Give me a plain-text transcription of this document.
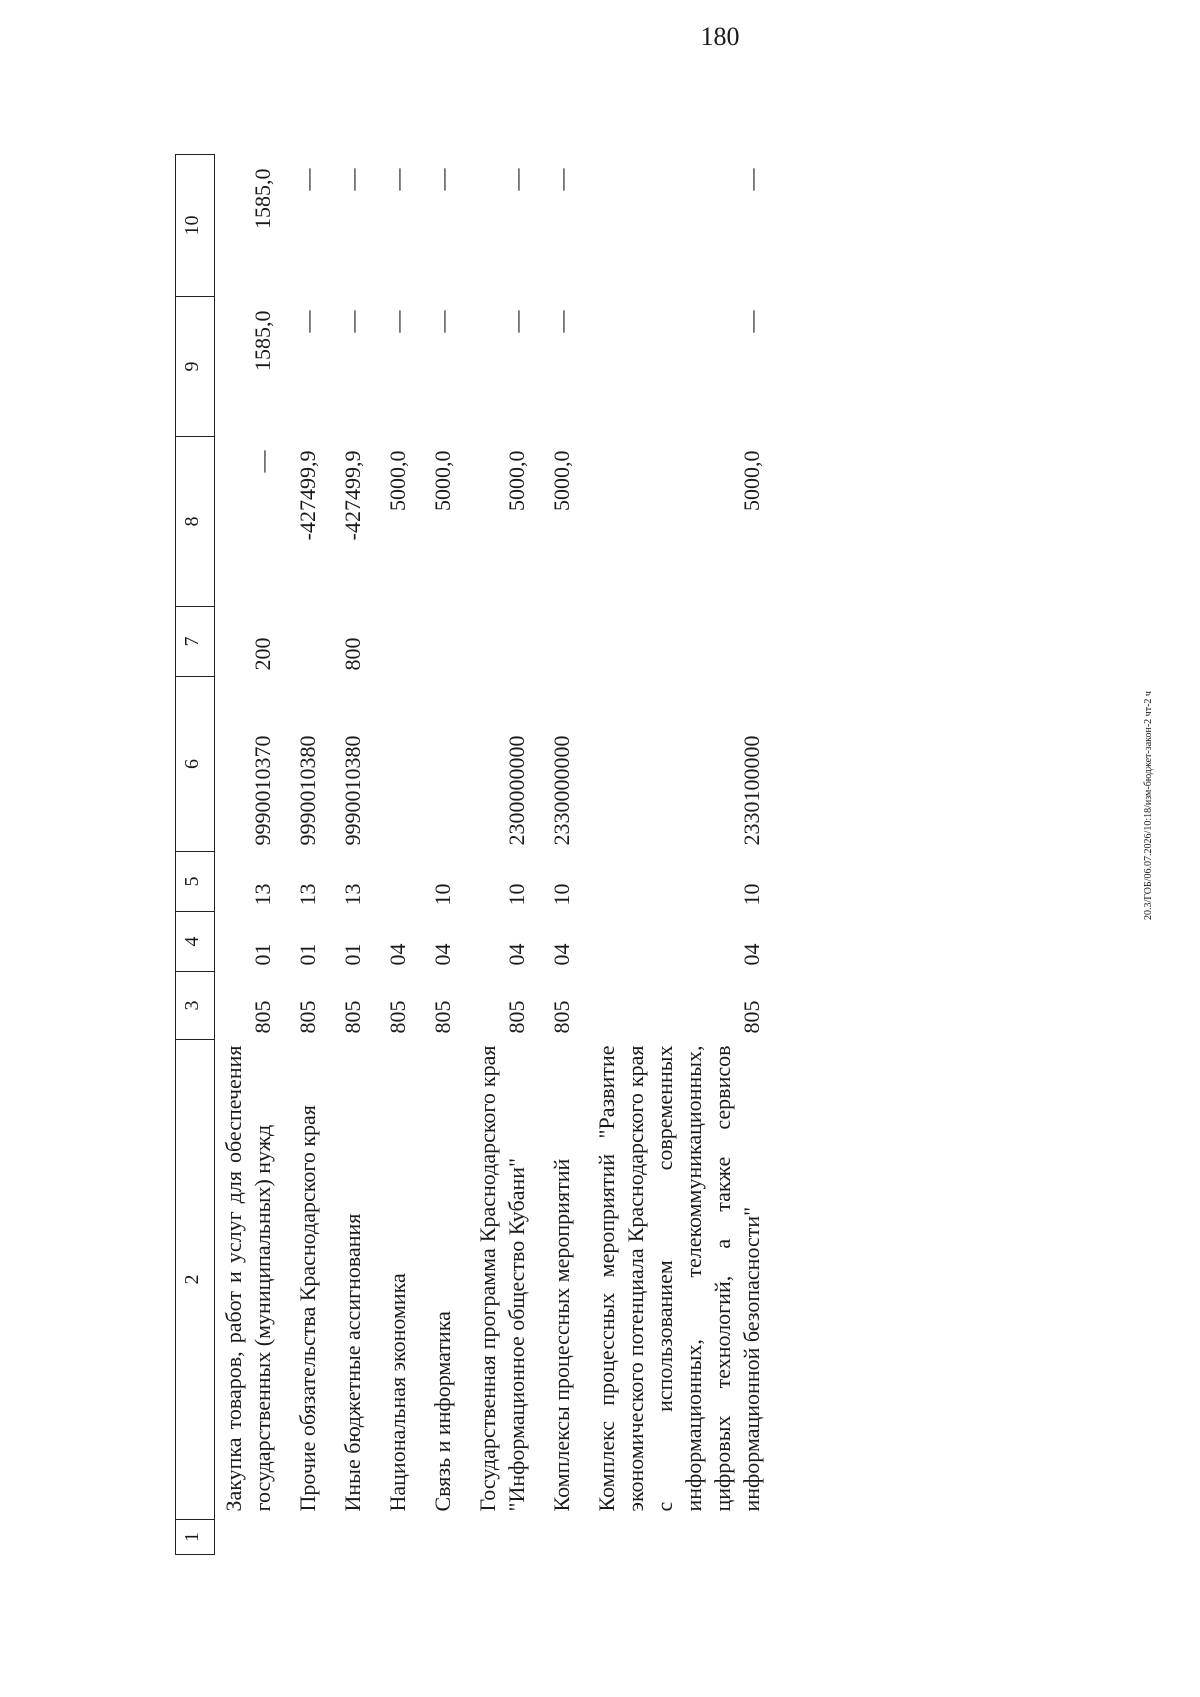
180
20.3/ГОБ/06.07.2026/10:18/изм-бюджет-закон-2 чт-2 ч
1	2	3	4	5	6	7	8	9	10
	Закупка товаров, работ и услуг для обеспечения государственных (муниципальных) нужд	805	01	13	9990010370	200	—	1585,0	1585,0
	Прочие обязательства Краснодарского края	805	01	13	9990010380		-427499,9	—	—
	Иные бюджетные ассигнования	805	01	13	9990010380	800	-427499,9	—	—
	Национальная экономика	805	04				5000,0	—	—
	Связь и информатика	805	04	10			5000,0	—	—
	Государственная программа Краснодарского края "Информационное общество Кубани"	805	04	10	2300000000		5000,0	—	—
	Комплексы процессных мероприятий	805	04	10	2330000000		5000,0	—	—
	Комплекс процессных мероприятий "Развитие экономического потенциала Краснодарского края с использованием современных информационных, телекоммуникационных, цифровых технологий, а также сервисов информационной безопасности"	805	04	10	2330100000		5000,0	—	—
